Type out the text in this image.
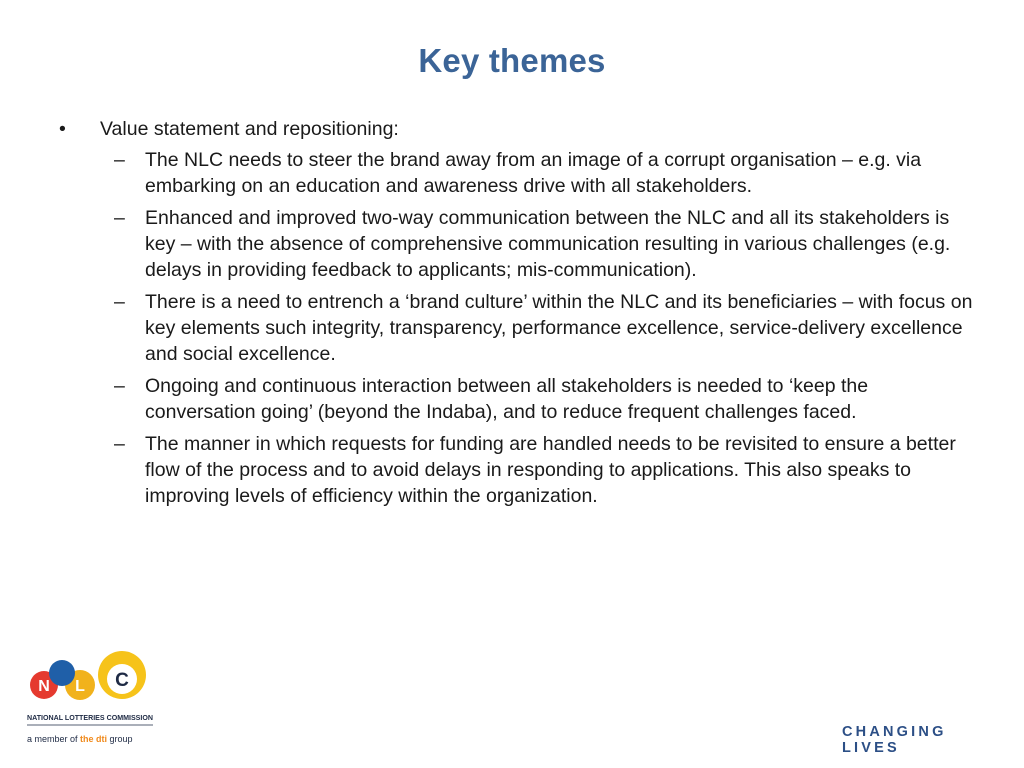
Key themes
•	Value statement and repositioning:
–	The NLC needs to steer the brand away from an image of a corrupt organisation – e.g. via embarking on an education and awareness drive with all stakeholders.
–	Enhanced and improved two-way communication between the NLC and all its stakeholders is key – with the absence of comprehensive communication resulting in various challenges (e.g. delays in providing feedback to applicants; mis-communication).
–	There is a need to entrench a ‘brand culture’ within the NLC and its beneficiaries – with focus on key elements such integrity, transparency, performance excellence, service-delivery excellence and social excellence.
–	Ongoing and continuous interaction between all stakeholders is needed to ‘keep the conversation going’ (beyond the Indaba), and to reduce frequent challenges faced.
–	The manner in which requests for funding are handled needs to be revisited to ensure a better flow of the process and to avoid delays in responding to applications. This also speaks to improving levels of efficiency within the organization.
N L C
NATIONAL LOTTERIES COMMISSION
a member of the dti group	CHANGING LIVES
